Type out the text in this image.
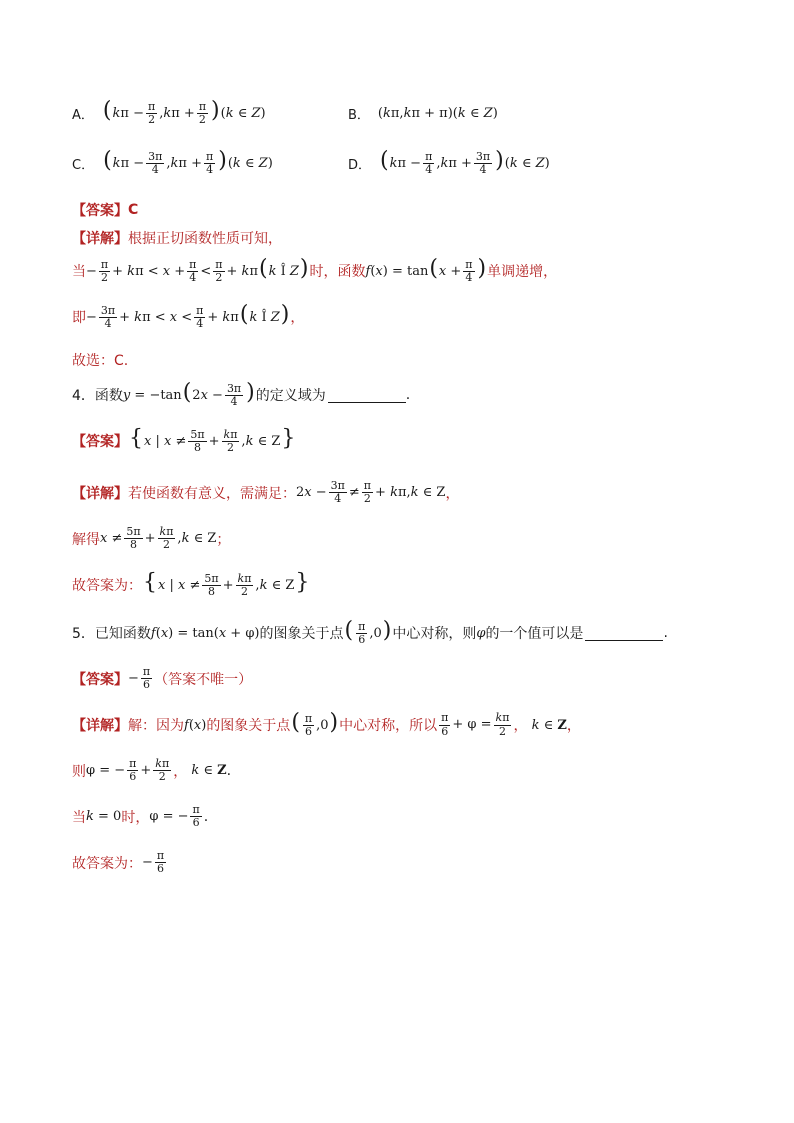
A． $(k\pi - \frac{\pi}{2} ,k\pi + \frac{\pi}{2} )(k$ ∈ Z)	B． (kπ,kπ + π)(k ∈ Z)
C． $(k\pi - \frac{3\pi}{4} ,k\pi + \frac{\pi}{4} )(k$ ∈ Z)	D． $(k\pi - \frac{\pi}{4} ,k\pi + \frac{3\pi}{4} )(k$ ∈ Z)
【答案】 C
【详解】 根据正切函数性质可知，
当 − $\frac{\pi}{2} + k\pi < x + \frac{\pi}{4} < \frac{\pi}{2} + k\pi(k$ Î Z) 时，函数 $f(x) = \tan(x + \frac{\pi}{4}$ ) 单调递增，
即 − $\frac{3\pi}{4} + k\pi < x < \frac{\pi}{4} + k\pi(k$ Î Z) ，
故选：C.
4．函数 $y = -\tan(2x - \frac{3\pi}{4}$ ) 的定义域为	.
【答案】 {x | $x \ne \frac{5\pi}{8} + \frac{k\pi}{2} ,k$ ∈ Z}
【详解】 若使函数有意义，需满足： $2x - \frac{3\pi}{4} \ne \frac{\pi}{2} + k\pi,k$ ∈ Z ，
解得 $x \ne \frac{5\pi}{8} + \frac{k\pi}{2} ,k$ ∈ Z ；
故答案为： {x | $x \ne \frac{5\pi}{8} + \frac{k\pi}{2} ,k$ ∈ Z}
5．已知函数 f(x) = tan(x + φ) 的图象关于点 ( $\frac{\pi}{6} ,0$) 中心对称，则 φ 的一个值可以是	.
【答案】 − $\frac{\pi}{6}$ （答案不唯一）
【详解】 解：因为 f(x) 的图象关于点 ( $\frac{\pi}{6} ,0$) 中心对称，所以 $\frac{\pi}{6} + \varphi = \frac{k\pi}{2}$ ， k ∈ Z ，
则 φ = − $\frac{\pi}{6} + \frac{k\pi}{2}$ ， k ∈ Z .
当 k = 0 时， φ = − $\frac{\pi}{6}$ .
故答案为： − $\frac{\pi}{6}$
